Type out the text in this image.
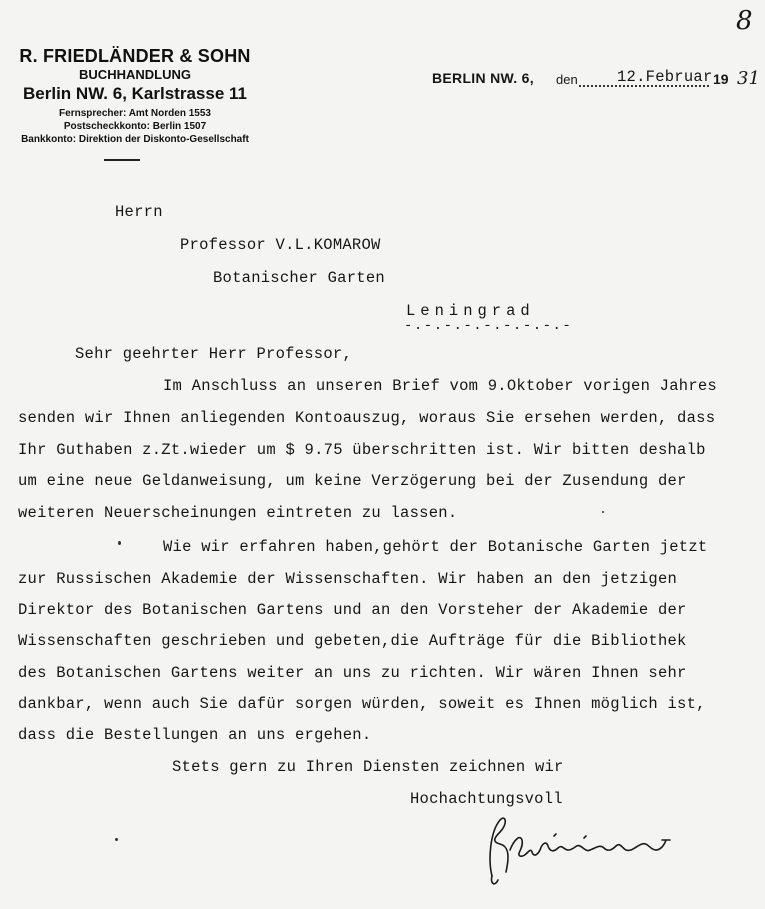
8
R. FRIEDLÄNDER & SOHN
BUCHHANDLUNG
Berlin NW. 6, Karlstrasse 11
Fernsprecher: Amt Norden 1553
Postscheckkonto: Berlin 1507
Bankkonto: Direktion der Diskonto-Gesellschaft
BERLIN NW. 6, den	12.Februar 19 31
Herrn
Professor V.L.KOMAROW
Botanischer Garten
Leningrad
-.-.-.-.-.-.-.-.-
Sehr geehrter Herr Professor,
Im Anschluss an unseren Brief vom 9.Oktober vorigen Jahres
senden wir Ihnen anliegenden Kontoauszug, woraus Sie ersehen werden, dass
Ihr Guthaben z.Zt.wieder um $ 9.75 überschritten ist. Wir bitten deshalb
um eine neue Geldanweisung, um keine Verzögerung bei der Zusendung der
weiteren Neuerscheinungen eintreten zu lassen.
Wie wir erfahren haben,gehört der Botanische Garten jetzt
zur Russischen Akademie der Wissenschaften. Wir haben an den jetzigen
Direktor des Botanischen Gartens und an den Vorsteher der Akademie der
Wissenschaften geschrieben und gebeten,die Aufträge für die Bibliothek
des Botanischen Gartens weiter an uns zu richten. Wir wären Ihnen sehr
dankbar, wenn auch Sie dafür sorgen würden, soweit es Ihnen möglich ist,
dass die Bestellungen an uns ergehen.
Stets gern zu Ihren Diensten zeichnen wir
Hochachtungsvoll
